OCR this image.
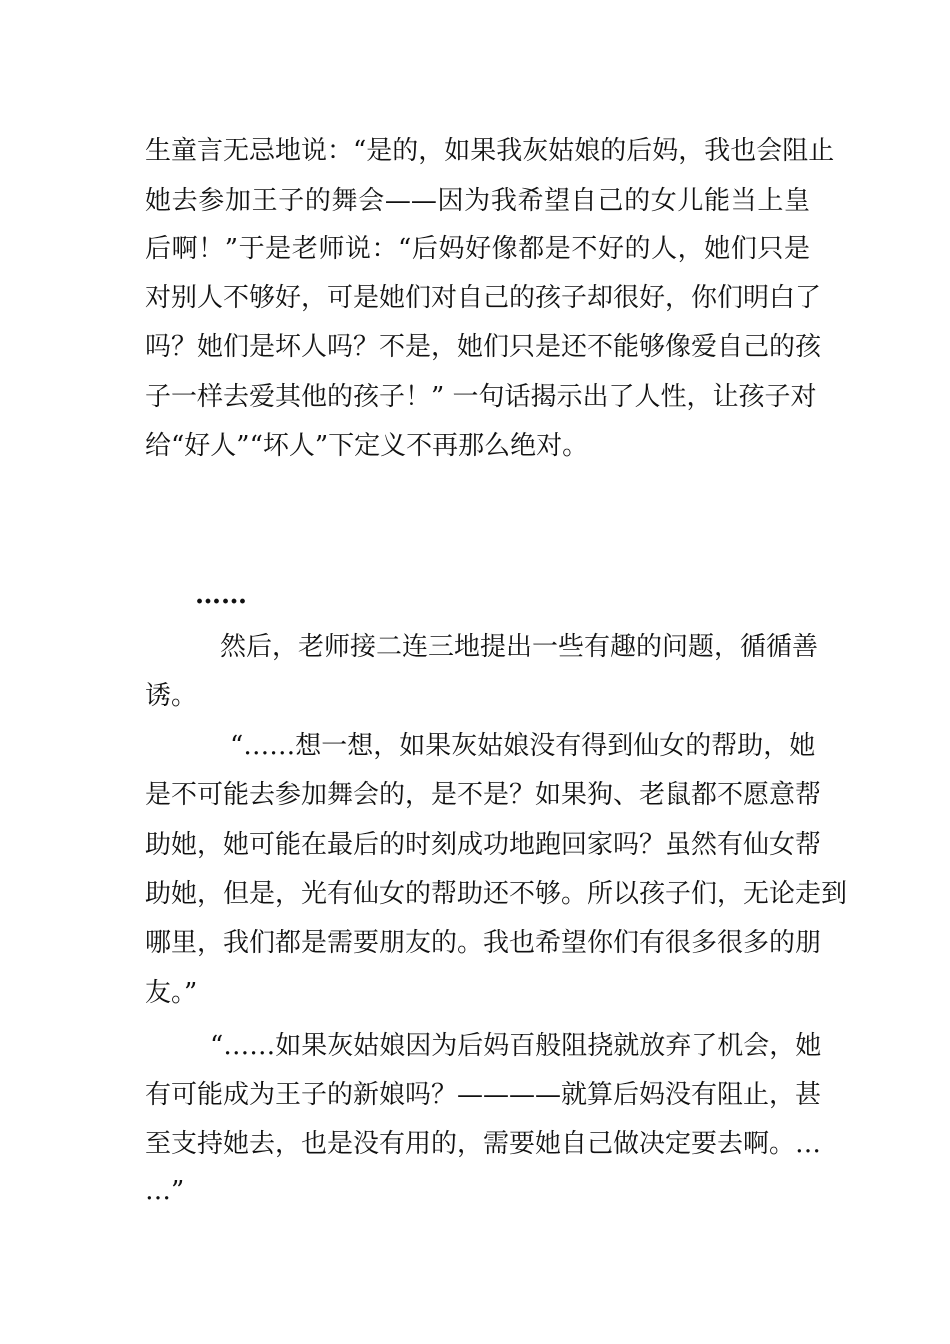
生童言无忌地说：“是的，如果我灰姑娘的后妈，我也会阻止
她去参加王子的舞会——因为我希望自己的女儿能当上皇
后啊！”于是老师说：“后妈好像都是不好的人，她们只是
对别人不够好，可是她们对自己的孩子却很好，你们明白了
吗？她们是坏人吗？不是，她们只是还不能够像爱自己的孩
子一样去爱其他的孩子！” 一句话揭示出了人性，让孩子对
给“好人”“坏人”下定义不再那么绝对。
……
然后，老师接二连三地提出一些有趣的问题，循循善
诱。
“……想一想，如果灰姑娘没有得到仙女的帮助，她
是不可能去参加舞会的，是不是？如果狗、老鼠都不愿意帮
助她，她可能在最后的时刻成功地跑回家吗？虽然有仙女帮
助她，但是，光有仙女的帮助还不够。所以孩子们，无论走到
哪里，我们都是需要朋友的。我也希望你们有很多很多的朋
友。”
“……如果灰姑娘因为后妈百般阻挠就放弃了机会，她
有可能成为王子的新娘吗？————就算后妈没有阻止，甚
至支持她去，也是没有用的，需要她自己做决定要去啊。…
…”
